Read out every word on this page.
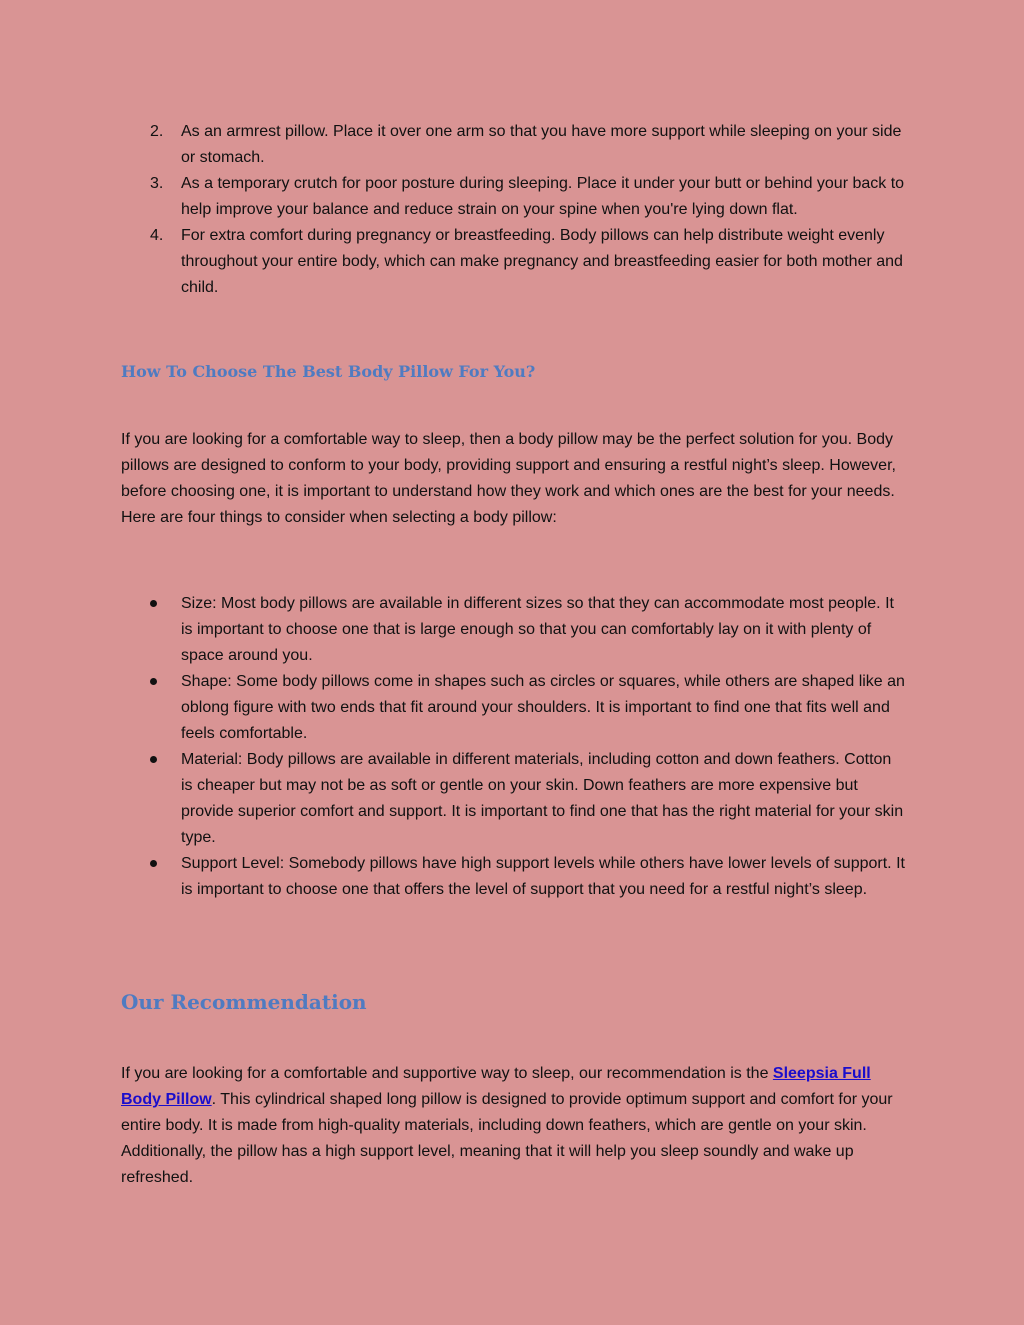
2.	As an armrest pillow. Place it over one arm so that you have more support while sleeping on your side or stomach.
3.	As a temporary crutch for poor posture during sleeping. Place it under your butt or behind your back to help improve your balance and reduce strain on your spine when you're lying down flat.
4.	For extra comfort during pregnancy or breastfeeding. Body pillows can help distribute weight evenly throughout your entire body, which can make pregnancy and breastfeeding easier for both mother and child.
How To Choose The Best Body Pillow For You?

If you are looking for a comfortable way to sleep, then a body pillow may be the perfect solution for you. Body pillows are designed to conform to your body, providing support and ensuring a restful night’s sleep. However, before choosing one, it is important to understand how they work and which ones are the best for your needs. Here are four things to consider when selecting a body pillow:

Size: Most body pillows are available in different sizes so that they can accommodate most people. It is important to choose one that is large enough so that you can comfortably lay on it with plenty of space around you.
Shape: Some body pillows come in shapes such as circles or squares, while others are shaped like an oblong figure with two ends that fit around your shoulders. It is important to find one that fits well and feels comfortable.
Material: Body pillows are available in different materials, including cotton and down feathers. Cotton is cheaper but may not be as soft or gentle on your skin. Down feathers are more expensive but provide superior comfort and support. It is important to find one that has the right material for your skin type.
Support Level: Somebody pillows have high support levels while others have lower levels of support. It is important to choose one that offers the level of support that you need for a restful night’s sleep.
Our Recommendation

If you are looking for a comfortable and supportive way to sleep, our recommendation is the Sleepsia Full Body Pillow. This cylindrical shaped long pillow is designed to provide optimum support and comfort for your entire body. It is made from high-quality materials, including down feathers, which are gentle on your skin. Additionally, the pillow has a high support level, meaning that it will help you sleep soundly and wake up refreshed.
